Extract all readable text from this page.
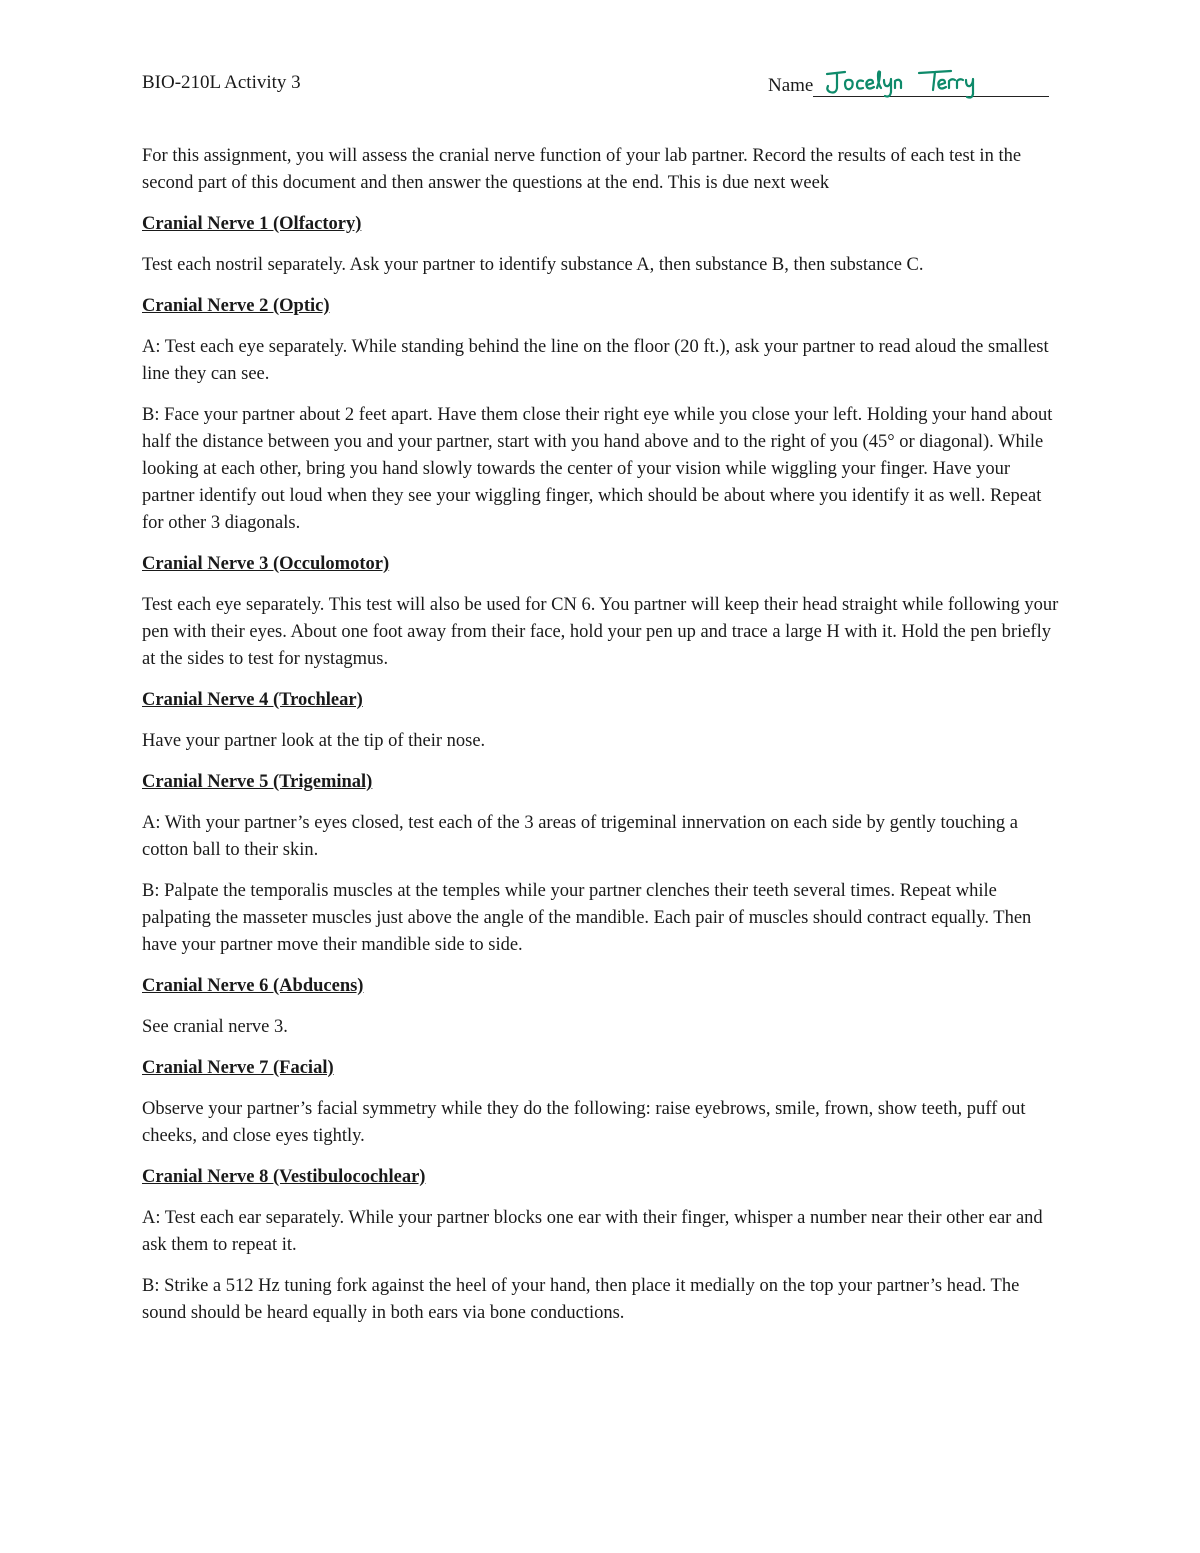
BIO-210L Activity 3	Name

For this assignment, you will assess the cranial nerve function of your lab partner. Record the results of each test in the second part of this document and then answer the questions at the end. This is due next week

Cranial Nerve 1 (Olfactory)

Test each nostril separately. Ask your partner to identify substance A, then substance B, then substance C.

Cranial Nerve 2 (Optic)

A: Test each eye separately. While standing behind the line on the floor (20 ft.), ask your partner to read aloud the smallest line they can see.

B: Face your partner about 2 feet apart. Have them close their right eye while you close your left. Holding your hand about half the distance between you and your partner, start with you hand above and to the right of you (45° or diagonal). While looking at each other, bring you hand slowly towards the center of your vision while wiggling your finger. Have your partner identify out loud when they see your wiggling finger, which should be about where you identify it as well. Repeat for other 3 diagonals.

Cranial Nerve 3 (Occulomotor)

Test each eye separately. This test will also be used for CN 6. You partner will keep their head straight while following your pen with their eyes. About one foot away from their face, hold your pen up and trace a large H with it. Hold the pen briefly at the sides to test for nystagmus.

Cranial Nerve 4 (Trochlear)

Have your partner look at the tip of their nose.

Cranial Nerve 5 (Trigeminal)

A: With your partner’s eyes closed, test each of the 3 areas of trigeminal innervation on each side by gently touching a cotton ball to their skin.

B: Palpate the temporalis muscles at the temples while your partner clenches their teeth several times. Repeat while palpating the masseter muscles just above the angle of the mandible. Each pair of muscles should contract equally. Then have your partner move their mandible side to side.

Cranial Nerve 6 (Abducens)

See cranial nerve 3.

Cranial Nerve 7 (Facial)

Observe your partner’s facial symmetry while they do the following: raise eyebrows, smile, frown, show teeth, puff out cheeks, and close eyes tightly.

Cranial Nerve 8 (Vestibulocochlear)

A: Test each ear separately. While your partner blocks one ear with their finger, whisper a number near their other ear and ask them to repeat it.

B: Strike a 512 Hz tuning fork against the heel of your hand, then place it medially on the top your partner’s head. The sound should be heard equally in both ears via bone conductions.
